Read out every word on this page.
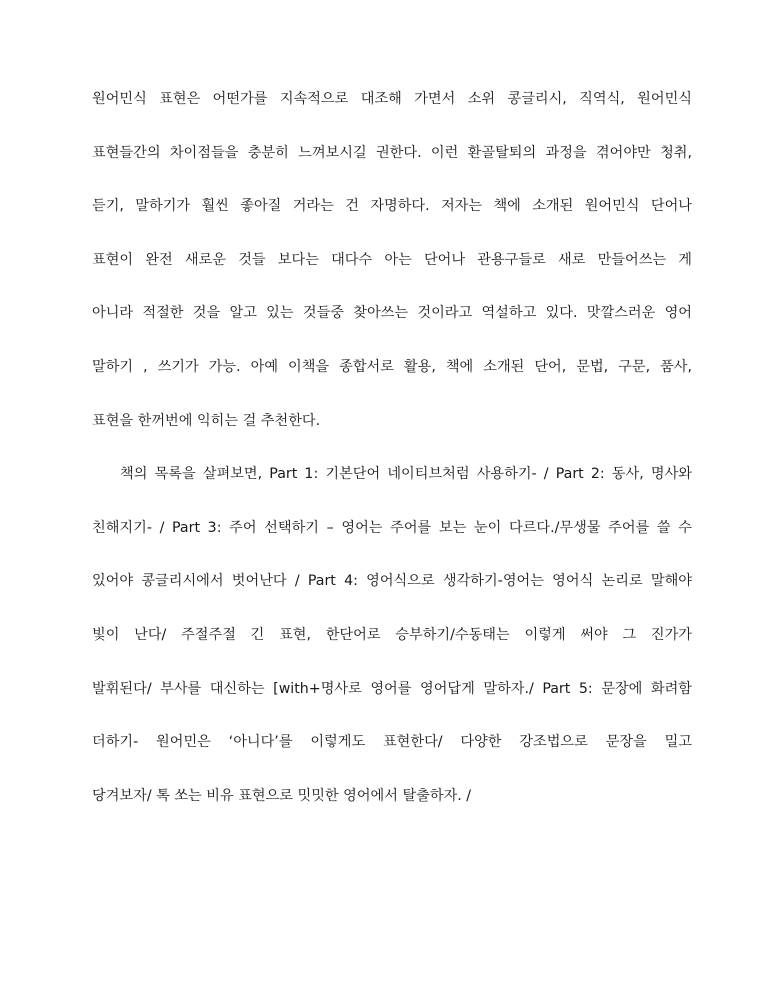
원어민식 표현은 어떤가를 지속적으로 대조해 가면서 소위 콩글리시, 직역식, 원어민식
표현들간의 차이점들을 충분히 느껴보시길 권한다. 이런 환골탈퇴의 과정을 겪어야만 청취,
듣기, 말하기가 훨씬 좋아질 거라는 건 자명하다. 저자는 책에 소개된 원어민식 단어나
표현이 완전 새로운 것들 보다는 대다수 아는 단어나 관용구들로 새로 만들어쓰는 게
아니라 적절한 것을 알고 있는 것들중 찾아쓰는 것이라고 역설하고 있다. 맛깔스러운 영어
말하기 , 쓰기가 가능. 아예 이책을 종합서로 활용, 책에 소개된 단어, 문법, 구문, 품사,
표현을 한꺼번에 익히는 걸 추천한다.
책의 목록을 살펴보면, Part 1: 기본단어 네이티브처럼 사용하기- / Part 2: 동사, 명사와
친해지기- / Part 3: 주어 선택하기 – 영어는 주어를 보는 눈이 다르다./무생물 주어를 쓸 수
있어야 콩글리시에서 벗어난다 / Part 4: 영어식으로 생각하기-영어는 영어식 논리로 말해야
빛이 난다/ 주절주절 긴 표현, 한단어로 승부하기/수동태는 이렇게 써야 그 진가가
발휘된다/ 부사를 대신하는 [with+명사로 영어를 영어답게 말하자./ Part 5: 문장에 화려함
더하기- 원어민은 ‘아니다’를 이렇게도 표현한다/ 다양한 강조법으로 문장을 밀고
당겨보자/ 톡 쏘는 비유 표현으로 밋밋한 영어에서 탈출하자. /
